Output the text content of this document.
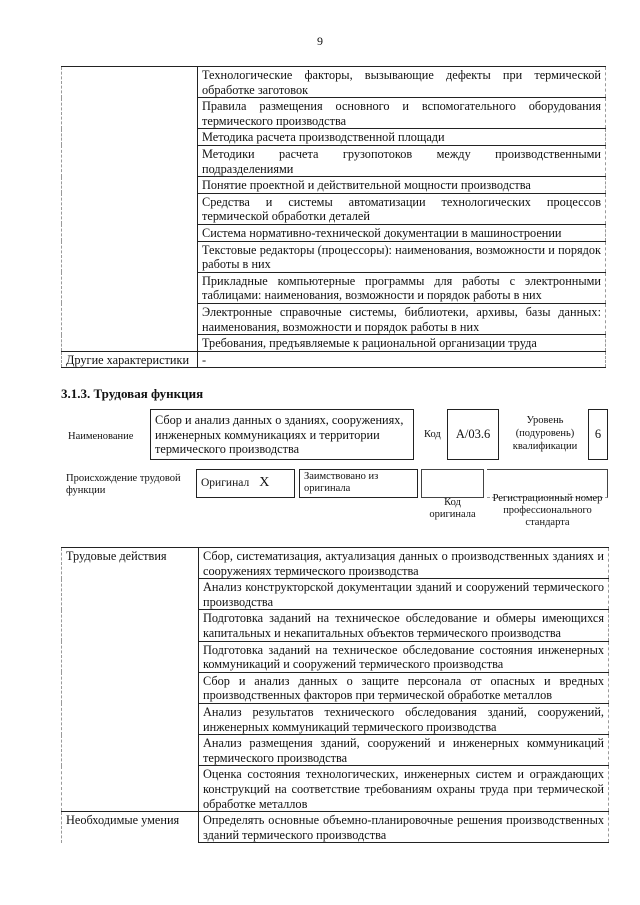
9
	Технологические факторы, вызывающие дефекты при термической обработке заготовок
	Правила размещения основного и вспомогательного оборудования термического производства
	Методика расчета производственной площади
	Методики расчета грузопотоков между производственными подразделениями
	Понятие проектной и действительной мощности производства
	Средства и системы автоматизации технологических процессов термической обработки деталей
	Система нормативно-технической документации в машиностроении
	Текстовые редакторы (процессоры): наименования, возможности и порядок работы в них
	Прикладные компьютерные программы для работы с электронными таблицами: наименования, возможности и порядок работы в них
	Электронные справочные системы, библиотеки, архивы, базы данных: наименования, возможности и порядок работы в них
	Требования, предъявляемые к рациональной организации труда
Другие характеристики	-
3.1.3. Трудовая функция
Наименование
Сбор и анализ данных о зданиях, сооружениях, инженерных коммуникациях и территории термического производства
Код	А/03.6
Уровень (подуровень) квалификации
6
Происхождение трудовой функции
Оригинал X	Заимствовано из оригинала
Код оригинала
Регистрационный номер профессионального стандарта
Трудовые действия	Сбор, систематизация, актуализация данных о производственных зданиях и сооружениях термического производства
	Анализ конструкторской документации зданий и сооружений термического производства
	Подготовка заданий на техническое обследование и обмеры имеющихся капитальных и некапитальных объектов термического производства
	Подготовка заданий на техническое обследование состояния инженерных коммуникаций и сооружений термического производства
	Сбор и анализ данных о защите персонала от опасных и вредных производственных факторов при термической обработке металлов
	Анализ результатов технического обследования зданий, сооружений, инженерных коммуникаций термического производства
	Анализ размещения зданий, сооружений и инженерных коммуникаций термического производства
	Оценка состояния технологических, инженерных систем и ограждающих конструкций на соответствие требованиям охраны труда при термической обработке металлов
Необходимые умения	Определять основные объемно-планировочные решения производственных зданий термического производства
